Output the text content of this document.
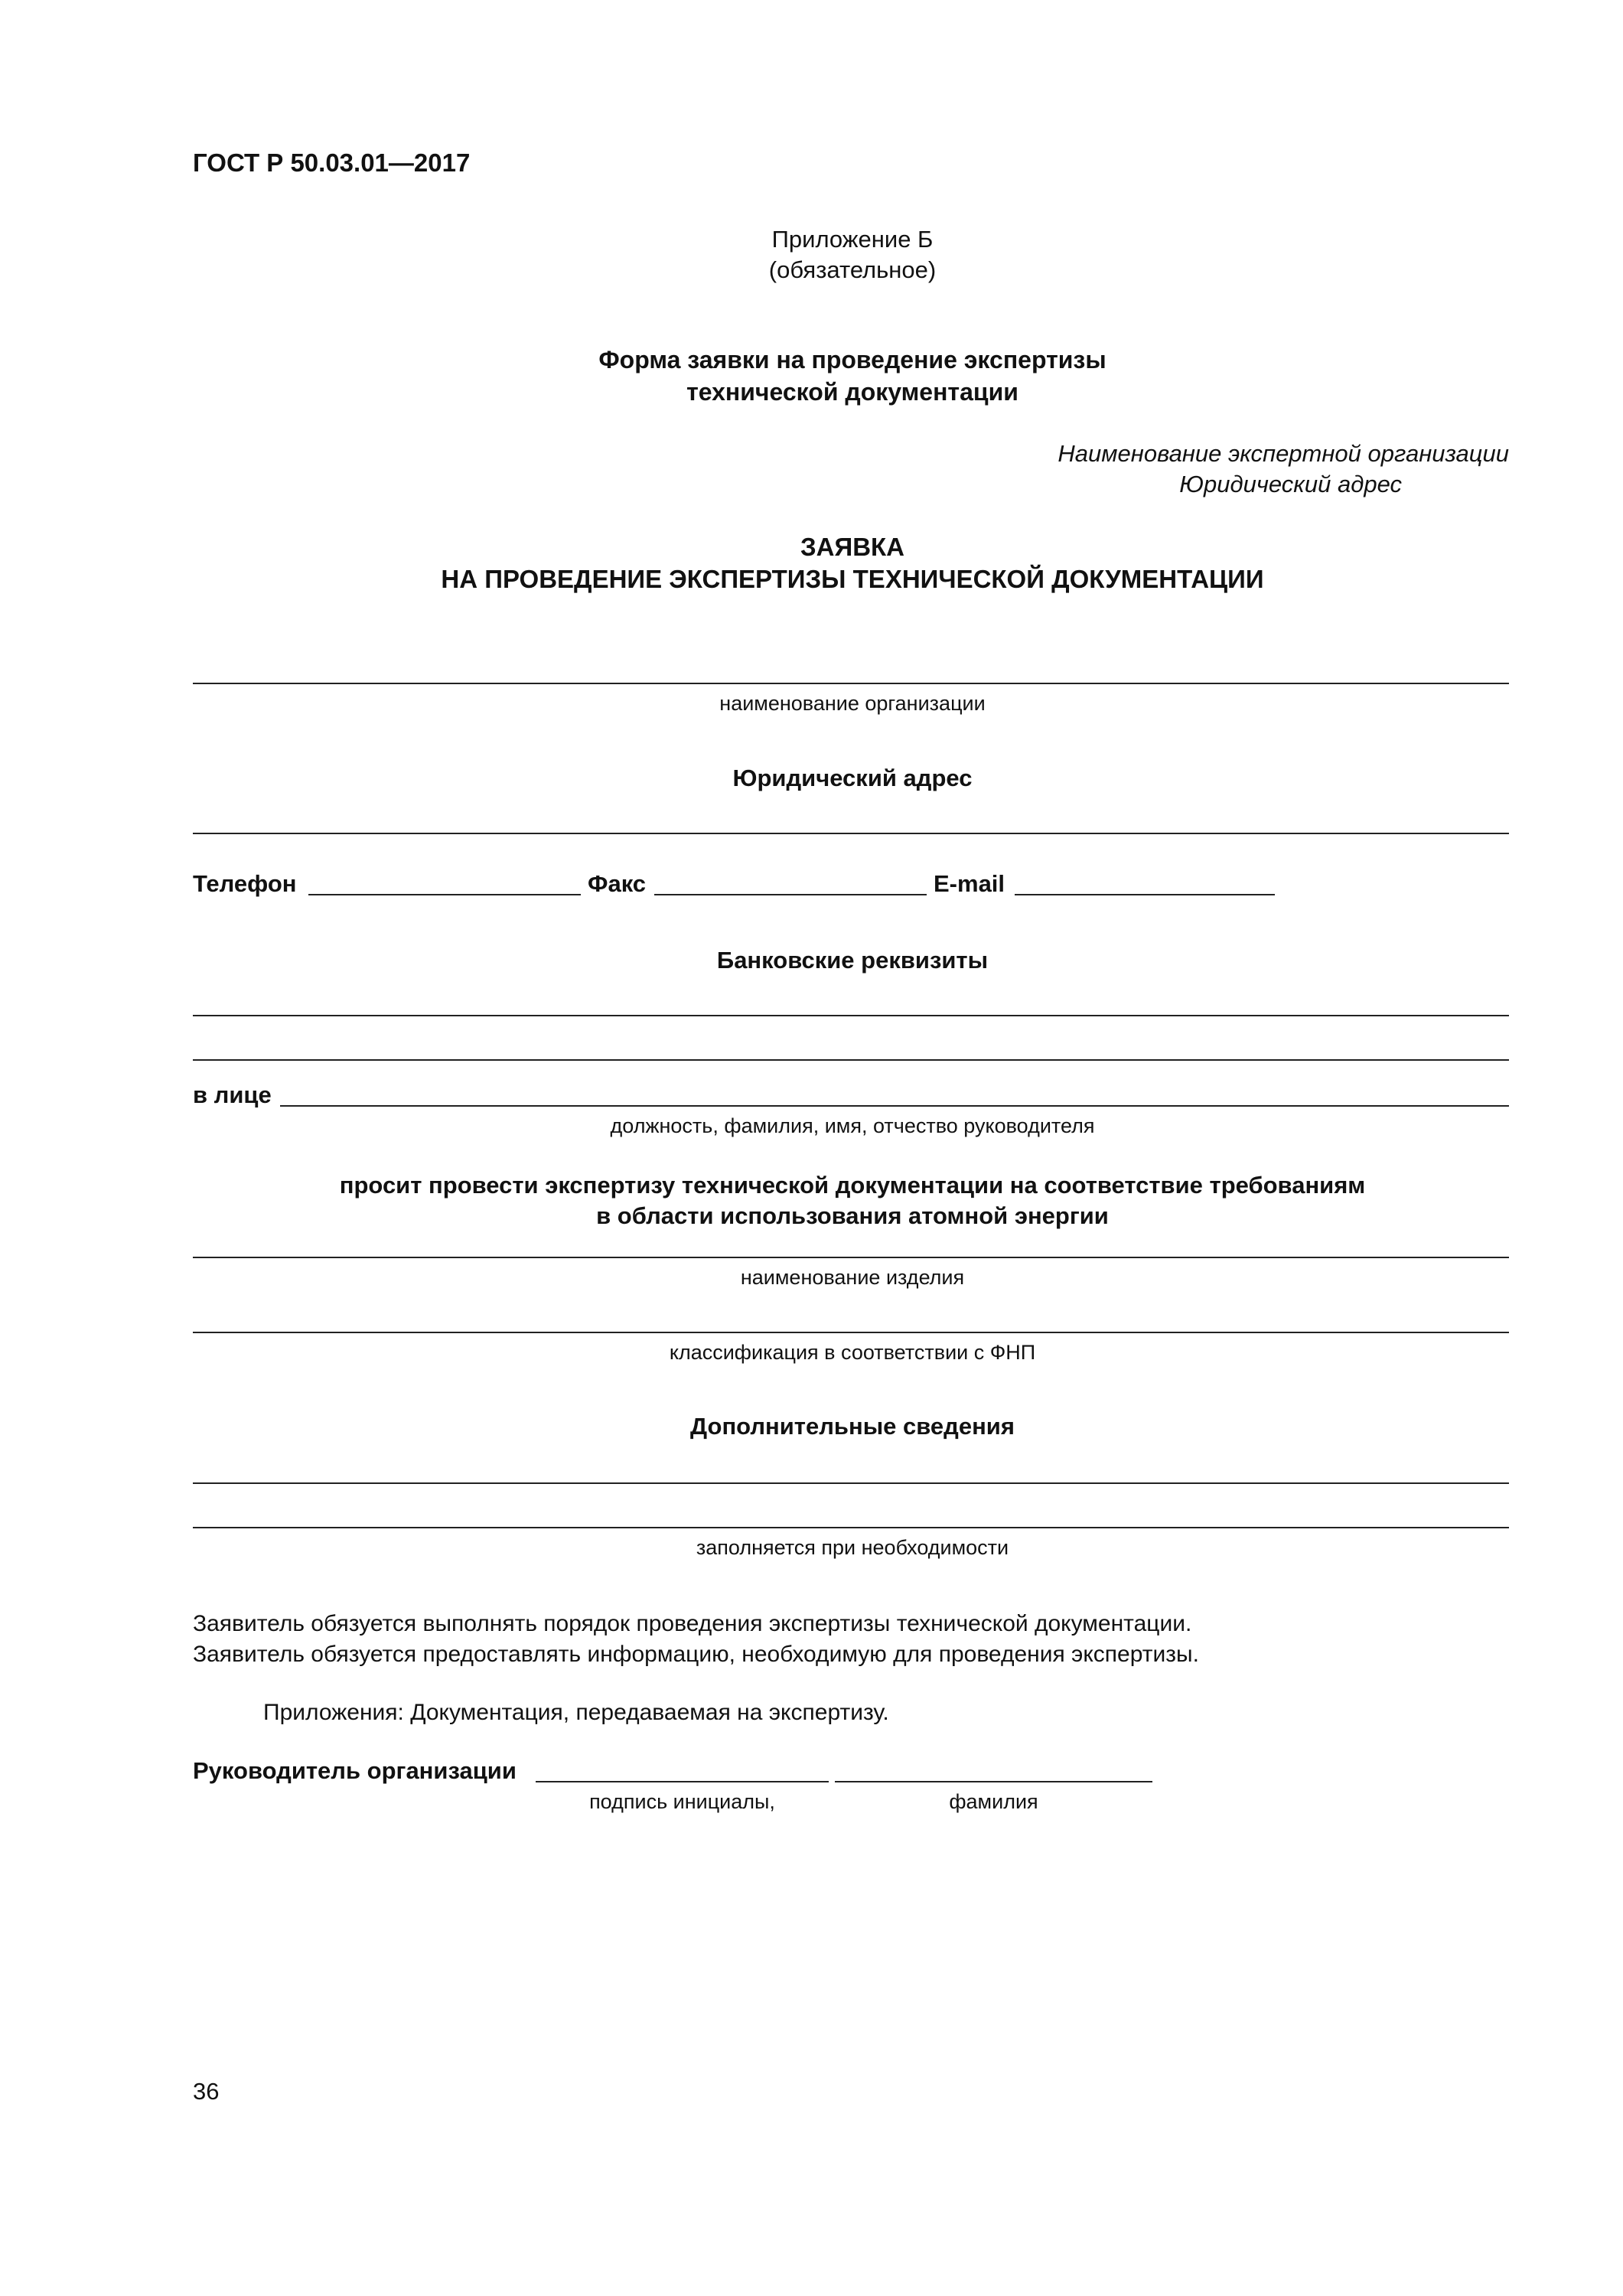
ГОСТ Р 50.03.01—2017
Приложение Б
(обязательное)
Форма заявки на проведение экспертизы
технической документации
Наименование экспертной организации
Юридический адрес
ЗАЯВКА
НА ПРОВЕДЕНИЕ ЭКСПЕРТИЗЫ ТЕХНИЧЕСКОЙ ДОКУМЕНТАЦИИ
наименование организации
Юридический адрес
Телефон	Факс	E-mail
Банковские реквизиты
в лице
должность, фамилия, имя, отчество руководителя
просит провести экспертизу технической документации на соответствие требованиям
в области использования атомной энергии
наименование изделия
классификация в соответствии с ФНП
Дополнительные сведения
заполняется при необходимости
Заявитель обязуется выполнять порядок проведения экспертизы технической документации.
Заявитель обязуется предоставлять информацию, необходимую для проведения экспертизы.
Приложения: Документация, передаваемая на экспертизу.
Руководитель организации
подпись инициалы,	фамилия
36
